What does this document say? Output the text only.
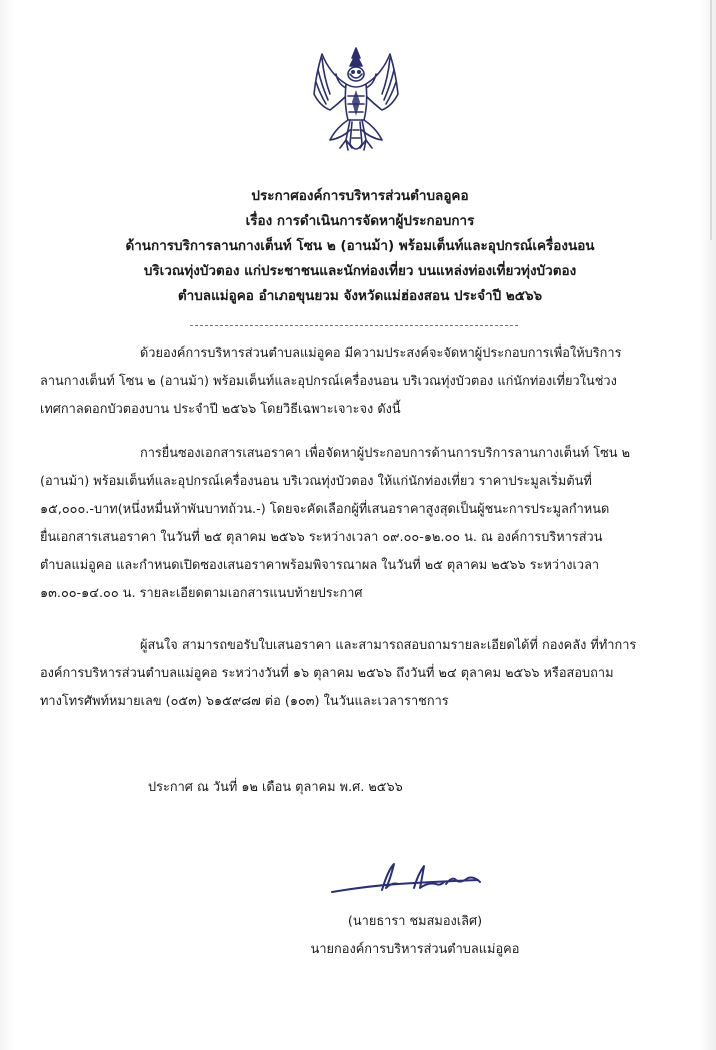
ประกาศองค์การบริหารส่วนตำบลอูคอ
เรื่อง การดำเนินการจัดหาผู้ประกอบการ
ด้านการบริการลานกางเต็นท์ โซน ๒ (อานม้า) พร้อมเต็นท์และอุปกรณ์เครื่องนอน
บริเวณทุ่งบัวตอง แก่ประชาชนและนักท่องเที่ยว บนแหล่งท่องเที่ยวทุ่งบัวตอง
ตำบลแม่อูคอ อำเภอขุนยวม จังหวัดแม่ฮ่องสอน ประจำปี ๒๕๖๖
ด้วยองค์การบริหารส่วนตำบลแม่อูคอ มีความประสงค์จะจัดหาผู้ประกอบการเพื่อให้บริการ
ลานกางเต็นท์ โซน ๒ (อานม้า) พร้อมเต็นท์และอุปกรณ์เครื่องนอน บริเวณทุ่งบัวตอง แก่นักท่องเที่ยวในช่วง
เทศกาลดอกบัวตองบาน ประจำปี ๒๕๖๖ โดยวิธีเฉพาะเจาะจง ดังนี้
การยื่นซองเอกสารเสนอราคา เพื่อจัดหาผู้ประกอบการด้านการบริการลานกางเต็นท์ โซน ๒
(อานม้า) พร้อมเต็นท์และอุปกรณ์เครื่องนอน บริเวณทุ่งบัวตอง ให้แก่นักท่องเที่ยว ราคาประมูลเริ่มต้นที่
๑๕,๐๐๐.-บาท(หนึ่งหมื่นห้าพันบาทถ้วน.-) โดยจะคัดเลือกผู้ที่เสนอราคาสูงสุดเป็นผู้ชนะการประมูลกำหนด
ยื่นเอกสารเสนอราคา ในวันที่ ๒๕ ตุลาคม ๒๕๖๖ ระหว่างเวลา ๐๙.๐๐-๑๒.๐๐ น. ณ องค์การบริหารส่วน
ตำบลแม่อูคอ และกำหนดเปิดซองเสนอราคาพร้อมพิจารณาผล ในวันที่ ๒๕ ตุลาคม ๒๕๖๖ ระหว่างเวลา
๑๓.๐๐-๑๔.๐๐ น. รายละเอียดตามเอกสารแนบท้ายประกาศ
ผู้สนใจ สามารถขอรับใบเสนอราคา และสามารถสอบถามรายละเอียดได้ที่ กองคลัง ที่ทำการ
องค์การบริหารส่วนตำบลแม่อูคอ ระหว่างวันที่ ๑๖ ตุลาคม ๒๕๖๖ ถึงวันที่ ๒๔ ตุลาคม ๒๕๖๖ หรือสอบถาม
ทางโทรศัพท์หมายเลข (๐๕๓) ๖๑๕๙๘๗ ต่อ (๑๐๓) ในวันและเวลาราชการ
ประกาศ ณ วันที่ ๑๒ เดือน ตุลาคม พ.ศ. ๒๕๖๖
(นายธารา ชมสมองเลิศ)
นายกองค์การบริหารส่วนตำบลแม่อูคอ
